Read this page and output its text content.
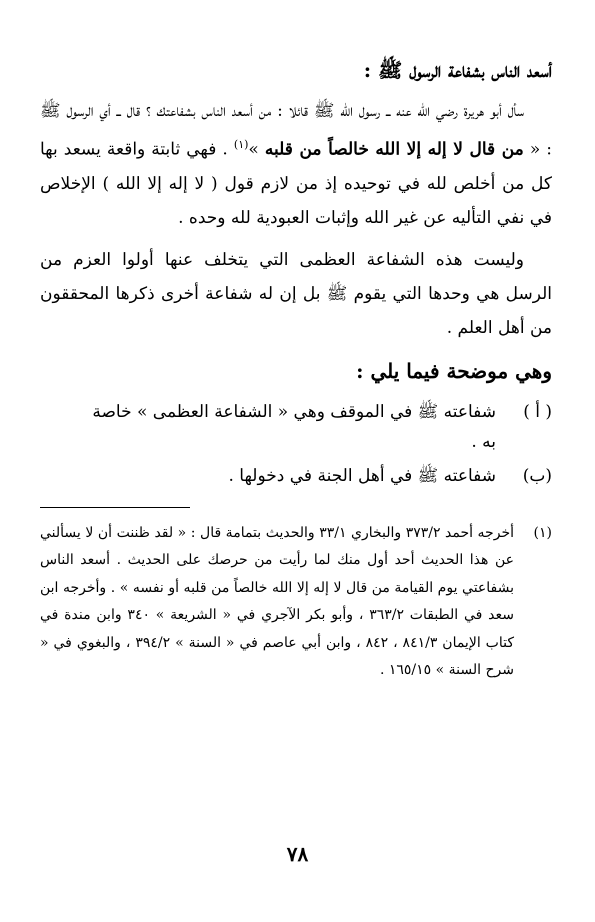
أسعد الناس بشفاعة الرسول ﷺ :

سأل أبو هريرة رضي الله عنه ــ رسول الله ﷺ قائلا : من أسعد الناس بشفاعتك ؟ قال ــ أي الرسول ﷺ : « من قال لا إله إلا الله خالصاً من قلبه »$^{(١)}$ . فهي ثابتة واقعة يسعد بها كل من أخلص لله في توحيده إذ من لازم قول ( لا إله إلا الله ) الإخلاص في نفي التأليه عن غير الله وإثبات العبودية لله وحده .

وليست هذه الشفاعة العظمى التي يتخلف عنها أولوا العزم من الرسل هي وحدها التي يقوم ﷺ بل إن له شفاعة أخرى ذكرها المحققون من أهل العلم .

وهي موضحة فيما يلي :
( أ )
شفاعته ﷺ في الموقف وهي « الشفاعة العظمى » خاصة
به .
(ب)
شفاعته ﷺ في أهل الجنة في دخولها .
(١)
أخرجه أحمد ٣٧٣/٢ والبخاري ٣٣/١ والحديث بتمامة قال : « لقد ظننت أن لا يسألني عن هذا الحديث أحد أول منك لما رأيت من حرصك على الحديث . أسعد الناس بشفاعتي يوم القيامة من قال لا إله إلا الله خالصاً من قلبه أو نفسه » . وأخرجه ابن سعد في الطبقات ٣٦٣/٢ ، وأبو بكر الآجري في « الشريعة » ٣٤٠ وابن مندة في كتاب الإيمان ٨٤١/٣ ، ٨٤٢ ، وابن أبي عاصم في « السنة » ٣٩٤/٢ ، والبغوي في « شرح السنة » ١٦٥/١٥ .
٧٨
